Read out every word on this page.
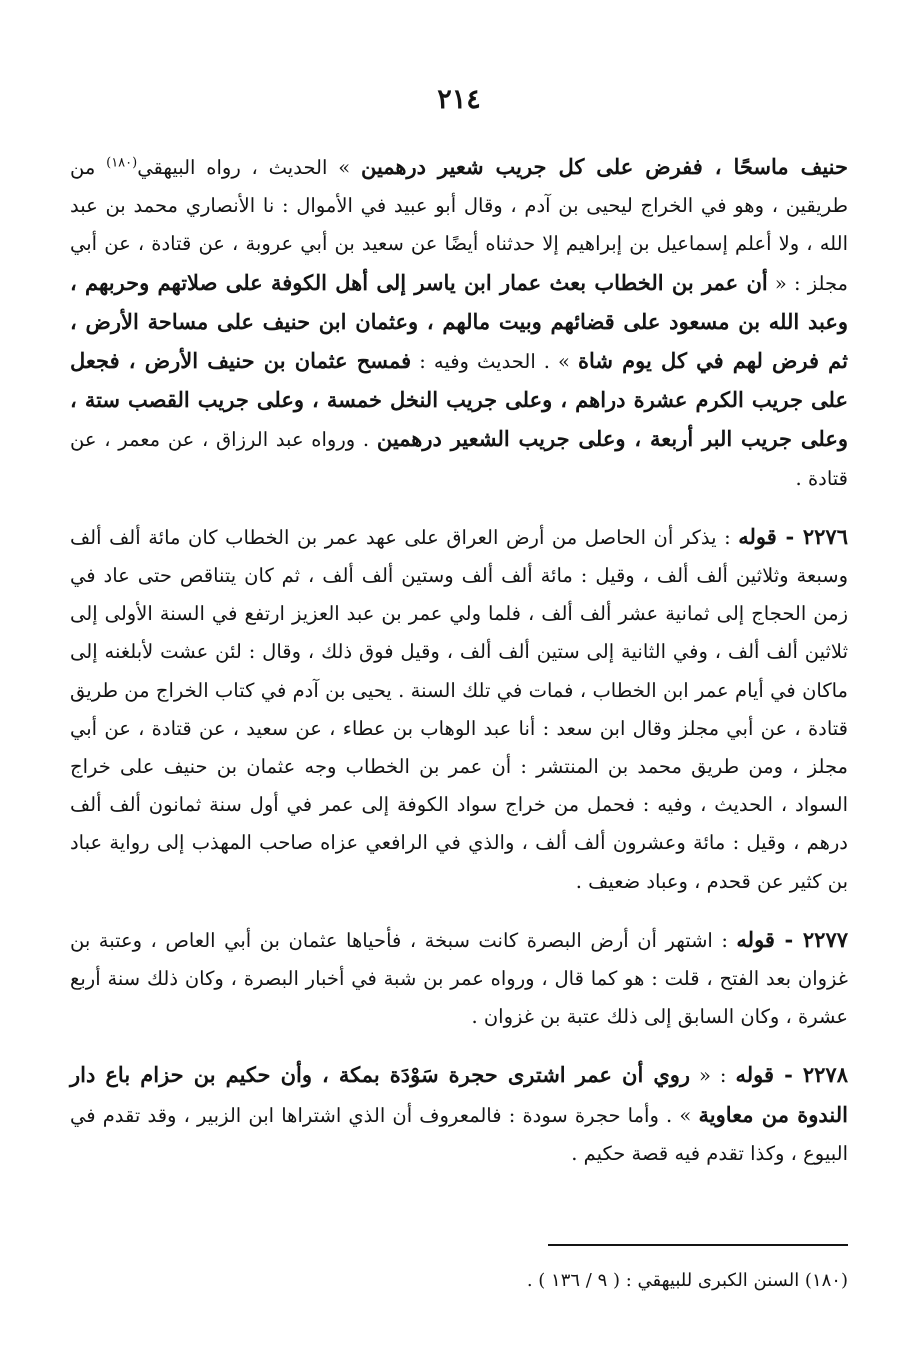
٢١٤

حنيف ماسحًا ، ففرض على كل جريب شعير درهمين » الحديث ، رواه البيهقي$^{(١٨٠)}$ من طريقين ، وهو في الخراج ليحيى بن آدم ، وقال أبو عبيد في الأموال : نا الأنصاري محمد بن عبد الله ، ولا أعلم إسماعيل بن إبراهيم إلا حدثناه أيضًا عن سعيد بن أبي عروبة ، عن قتادة ، عن أبي مجلز : « أن عمر بن الخطاب بعث عمار ابن ياسر إلى أهل الكوفة على صلاتهم وحربهم ، وعبد الله بن مسعود على قضائهم وبيت مالهم ، وعثمان ابن حنيف على مساحة الأرض ، ثم فرض لهم في كل يوم شاة » . الحديث وفيه : فمسح عثمان بن حنيف الأرض ، فجعل على جريب الكرم عشرة دراهم ، وعلى جريب النخل خمسة ، وعلى جريب القصب ستة ، وعلى جريب البر أربعة ، وعلى جريب الشعير درهمين . ورواه عبد الرزاق ، عن معمر ، عن قتادة .

٢٢٧٦ - قوله : يذكر أن الحاصل من أرض العراق على عهد عمر بن الخطاب كان مائة ألف ألف وسبعة وثلاثين ألف ألف ، وقيل : مائة ألف ألف وستين ألف ألف ، ثم كان يتناقص حتى عاد في زمن الحجاج إلى ثمانية عشر ألف ألف ، فلما ولي عمر بن عبد العزيز ارتفع في السنة الأولى إلى ثلاثين ألف ألف ، وفي الثانية إلى ستين ألف ألف ، وقيل فوق ذلك ، وقال : لئن عشت لأبلغنه إلى ماكان في أيام عمر ابن الخطاب ، فمات في تلك السنة . يحيى بن آدم في كتاب الخراج من طريق قتادة ، عن أبي مجلز وقال ابن سعد : أنا عبد الوهاب بن عطاء ، عن سعيد ، عن قتادة ، عن أبي مجلز ، ومن طريق محمد بن المنتشر : أن عمر بن الخطاب وجه عثمان بن حنيف على خراج السواد ، الحديث ، وفيه : فحمل من خراج سواد الكوفة إلى عمر في أول سنة ثمانون ألف ألف درهم ، وقيل : مائة وعشرون ألف ألف ، والذي في الرافعي عزاه صاحب المهذب إلى رواية عباد بن كثير عن قحدم ، وعباد ضعيف .

٢٢٧٧ - قوله : اشتهر أن أرض البصرة كانت سبخة ، فأحياها عثمان بن أبي العاص ، وعتبة بن غزوان بعد الفتح ، قلت : هو كما قال ، ورواه عمر بن شبة في أخبار البصرة ، وكان ذلك سنة أربع عشرة ، وكان السابق إلى ذلك عتبة بن غزوان .

٢٢٧٨ - قوله : « روي أن عمر اشترى حجرة سَوْدَة بمكة ، وأن حكيم بن حزام باع دار الندوة من معاوية » . وأما حجرة سودة : فالمعروف أن الذي اشتراها ابن الزبير ، وقد تقدم في البيوع ، وكذا تقدم فيه قصة حكيم .

(١٨٠) السنن الكبرى للبيهقي : ( ٩ / ١٣٦ ) .
